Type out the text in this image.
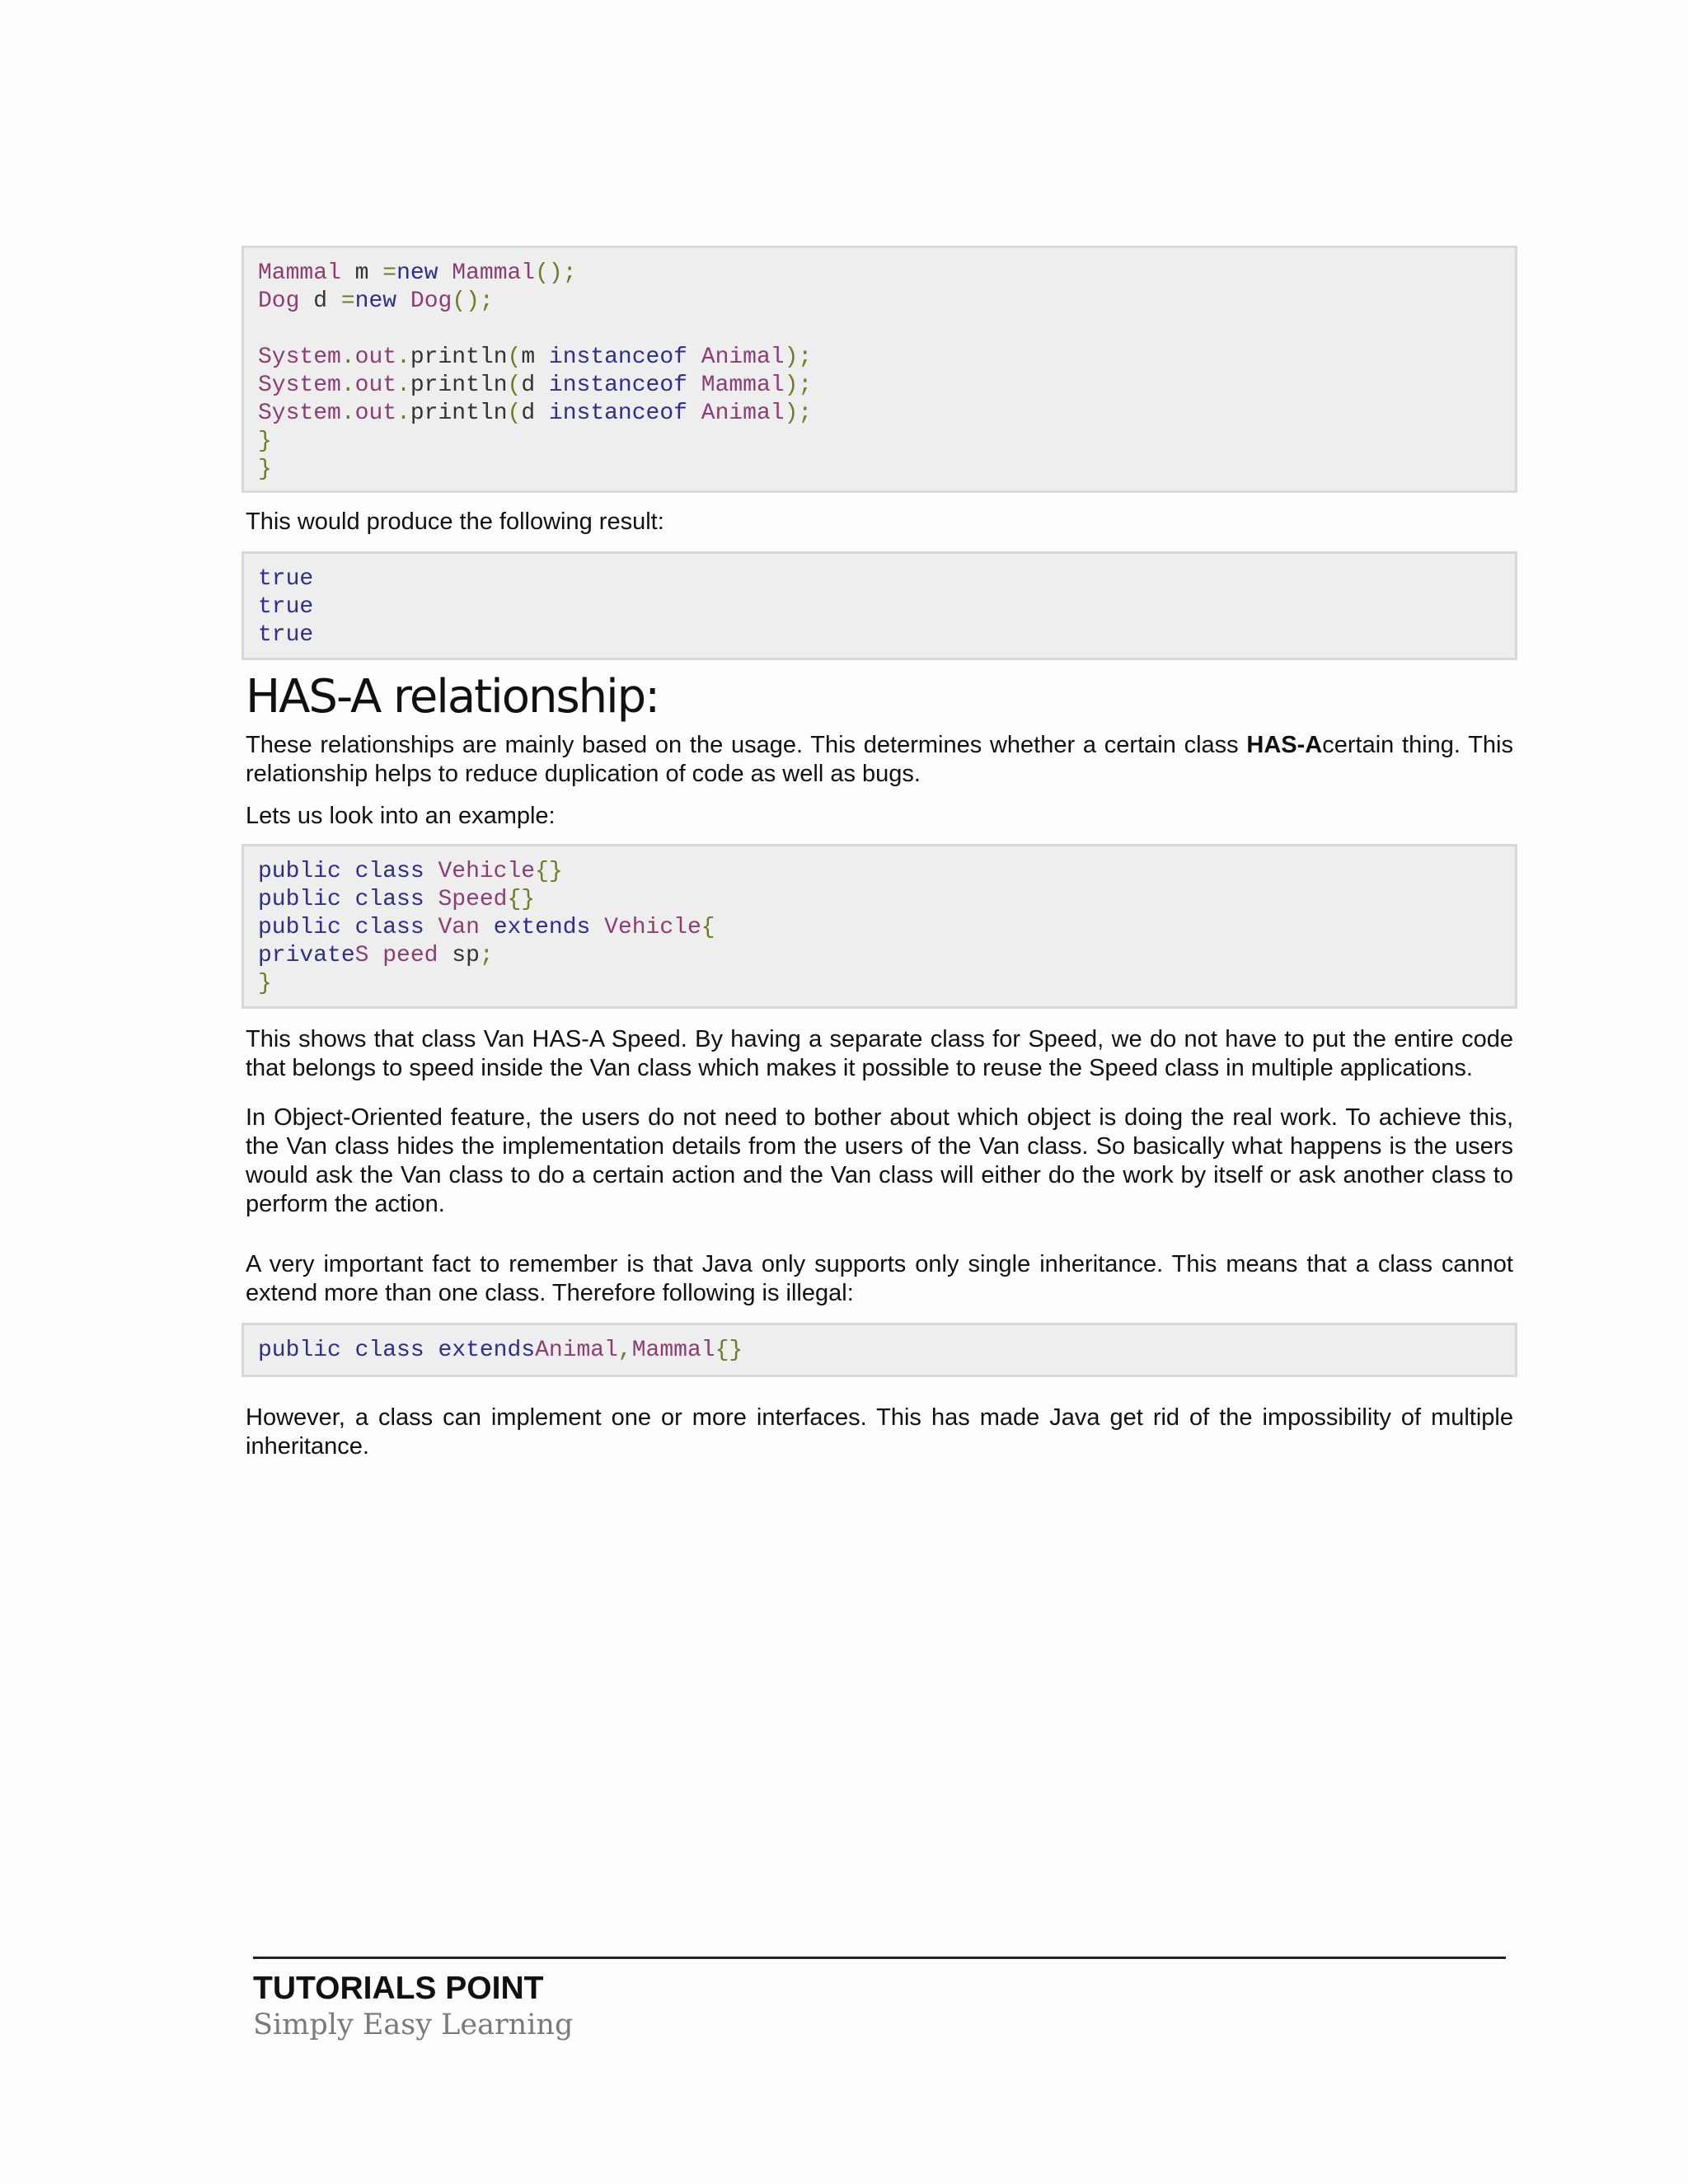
Mammal m =new Mammal();
Dog d =new Dog();
System.out.println(m instanceof Animal);
System.out.println(d instanceof Mammal);
System.out.println(d instanceof Animal);
}
}

This would produce the following result:

true
true
true
HAS-A relationship:

These relationships are mainly based on the usage. This determines whether a certain class HAS-Acertain thing. This relationship helps to reduce duplication of code as well as bugs.

Lets us look into an example:

public class Vehicle{}
public class Speed{}
public class Van extends Vehicle{
privateS peed sp;
}

This shows that class Van HAS-A Speed. By having a separate class for Speed, we do not have to put the entire code that belongs to speed inside the Van class which makes it possible to reuse the Speed class in multiple applications.

In Object-Oriented feature, the users do not need to bother about which object is doing the real work. To achieve this, the Van class hides the implementation details from the users of the Van class. So basically what happens is the users would ask the Van class to do a certain action and the Van class will either do the work by itself or ask another class to perform the action.

A very important fact to remember is that Java only supports only single inheritance. This means that a class cannot extend more than one class. Therefore following is illegal:

public class extendsAnimal,Mammal{}

However, a class can implement one or more interfaces. This has made Java get rid of the impossibility of multiple inheritance.

TUTORIALS POINT
Simply Easy Learning
